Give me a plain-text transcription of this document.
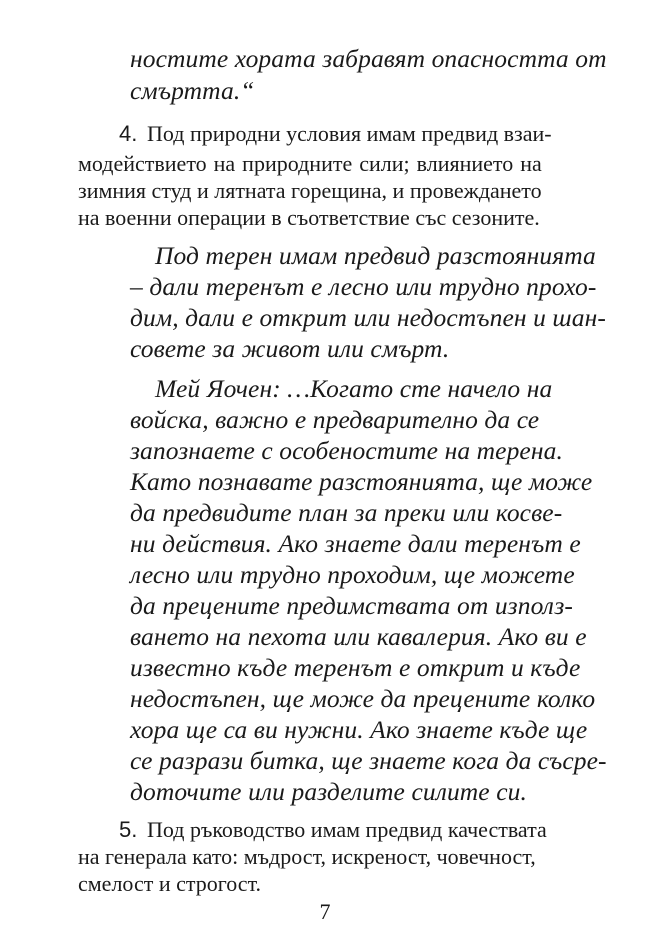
ностите хората забравят опасността от
смъртта.“
4. Под природни условия имам предвид взаи-
модействието на природните сили; влиянието на
зимния студ и лятната горещина, и провеждането
на военни операции в съответствие със сезоните.
Под терен имам предвид разстоянията
– дали теренът е лесно или трудно прохо-
дим, дали е открит или недостъпен и шан-
совете за живот или смърт.
Мей Яочен: …Когато сте начело на
войска, важно е предварително да се
запознаете с особеностите на терена.
Като познавате разстоянията, ще може
да предвидите план за преки или косве-
ни действия. Ако знаете дали теренът е
лесно или трудно проходим, ще можете
да прецените предимствата от използ-
ването на пехота или кавалерия. Ако ви е
известно къде теренът е открит и къде
недостъпен, ще може да прецените колко
хора ще са ви нужни. Ако знаете къде ще
се разрази битка, ще знаете кога да съсре-
доточите или разделите силите си.
5. Под ръководство имам предвид качествата
на генерала като: мъдрост, искреност, човечност,
смелост и строгост.
7
